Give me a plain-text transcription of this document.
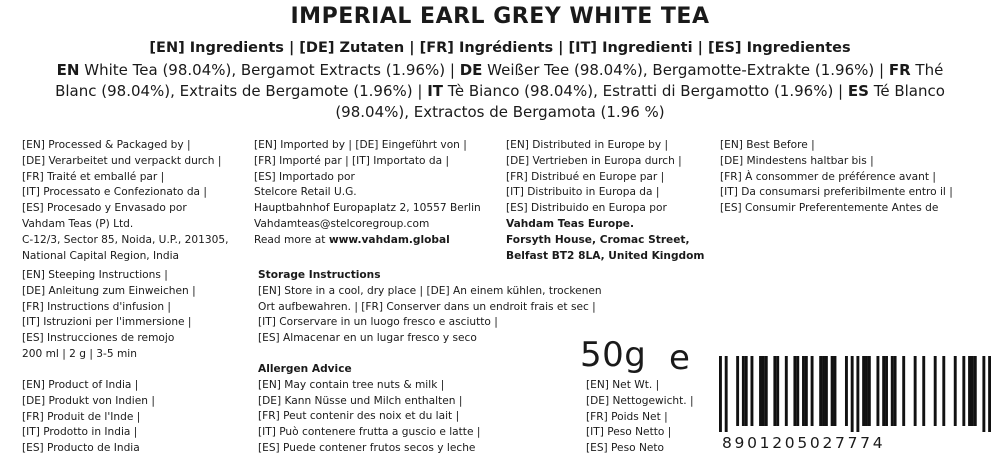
IMPERIAL EARL GREY WHITE TEA
[EN] Ingredients | [DE] Zutaten | [FR] Ingrédients | [IT] Ingredienti | [ES] Ingredientes
EN White Tea (98.04%), Bergamot Extracts (1.96%) | DE Weißer Tee (98.04%), Bergamotte-Extrakte (1.96%) | FR Thé Blanc (98.04%), Extraits de Bergamote (1.96%) | IT Tè Bianco (98.04%), Estratti di Bergamotto (1.96%) | ES Té Blanco (98.04%), Extractos de Bergamota (1.96 %)
[EN] Processed & Packaged by |
[DE] Verarbeitet und verpackt durch |
[FR] Traité et emballé par |
[IT] Processato e Confezionato da |
[ES] Procesado y Envasado por
Vahdam Teas (P) Ltd.
C-12/3, Sector 85, Noida, U.P., 201305,
National Capital Region, India
[EN] Steeping Instructions |
[DE] Anleitung zum Einweichen |
[FR] Instructions d'infusion |
[IT] Istruzioni per l'immersione |
[ES] Instrucciones de remojo
200 ml | 2 g | 3-5 min
[EN] Product of India |
[DE] Produkt von Indien |
[FR] Produit de l'Inde |
[IT] Prodotto in India |
[ES] Producto de India
[EN] Imported by | [DE] Eingeführt von |
[FR] Importé par | [IT] Importato da |
[ES] Importado por
Stelcore Retail U.G.
Hauptbahnhof Europaplatz 2, 10557 Berlin
Vahdamteas@stelcoregroup.com
Read more at www.vahdam.global
Storage Instructions
[EN] Store in a cool, dry place | [DE] An einem kühlen, trockenen
Ort aufbewahren. | [FR] Conserver dans un endroit frais et sec |
[IT] Corservare in un luogo fresco e asciutto |
[ES] Almacenar en un lugar fresco y seco
Allergen Advice
[EN] May contain tree nuts & milk |
[DE] Kann Nüsse und Milch enthalten |
[FR] Peut contenir des noix et du lait |
[IT] Può contenere frutta a guscio e latte |
[ES] Puede contener frutos secos y leche
[EN] Distributed in Europe by |
[DE] Vertrieben in Europa durch |
[FR] Distribué en Europe par |
[IT] Distribuito in Europa da |
[ES] Distribuido en Europa por
Vahdam Teas Europe.
Forsyth House, Cromac Street,
Belfast BT2 8LA, United Kingdom
50g e
[EN] Net Wt. |
[DE] Nettogewicht. |
[FR] Poids Net |
[IT] Peso Netto |
[ES] Peso Neto
[EN] Best Before |
[DE] Mindestens haltbar bis |
[FR] À consommer de préférence avant |
[IT] Da consumarsi preferibilmente entro il |
[ES] Consumir Preferentemente Antes de
8901205027774
